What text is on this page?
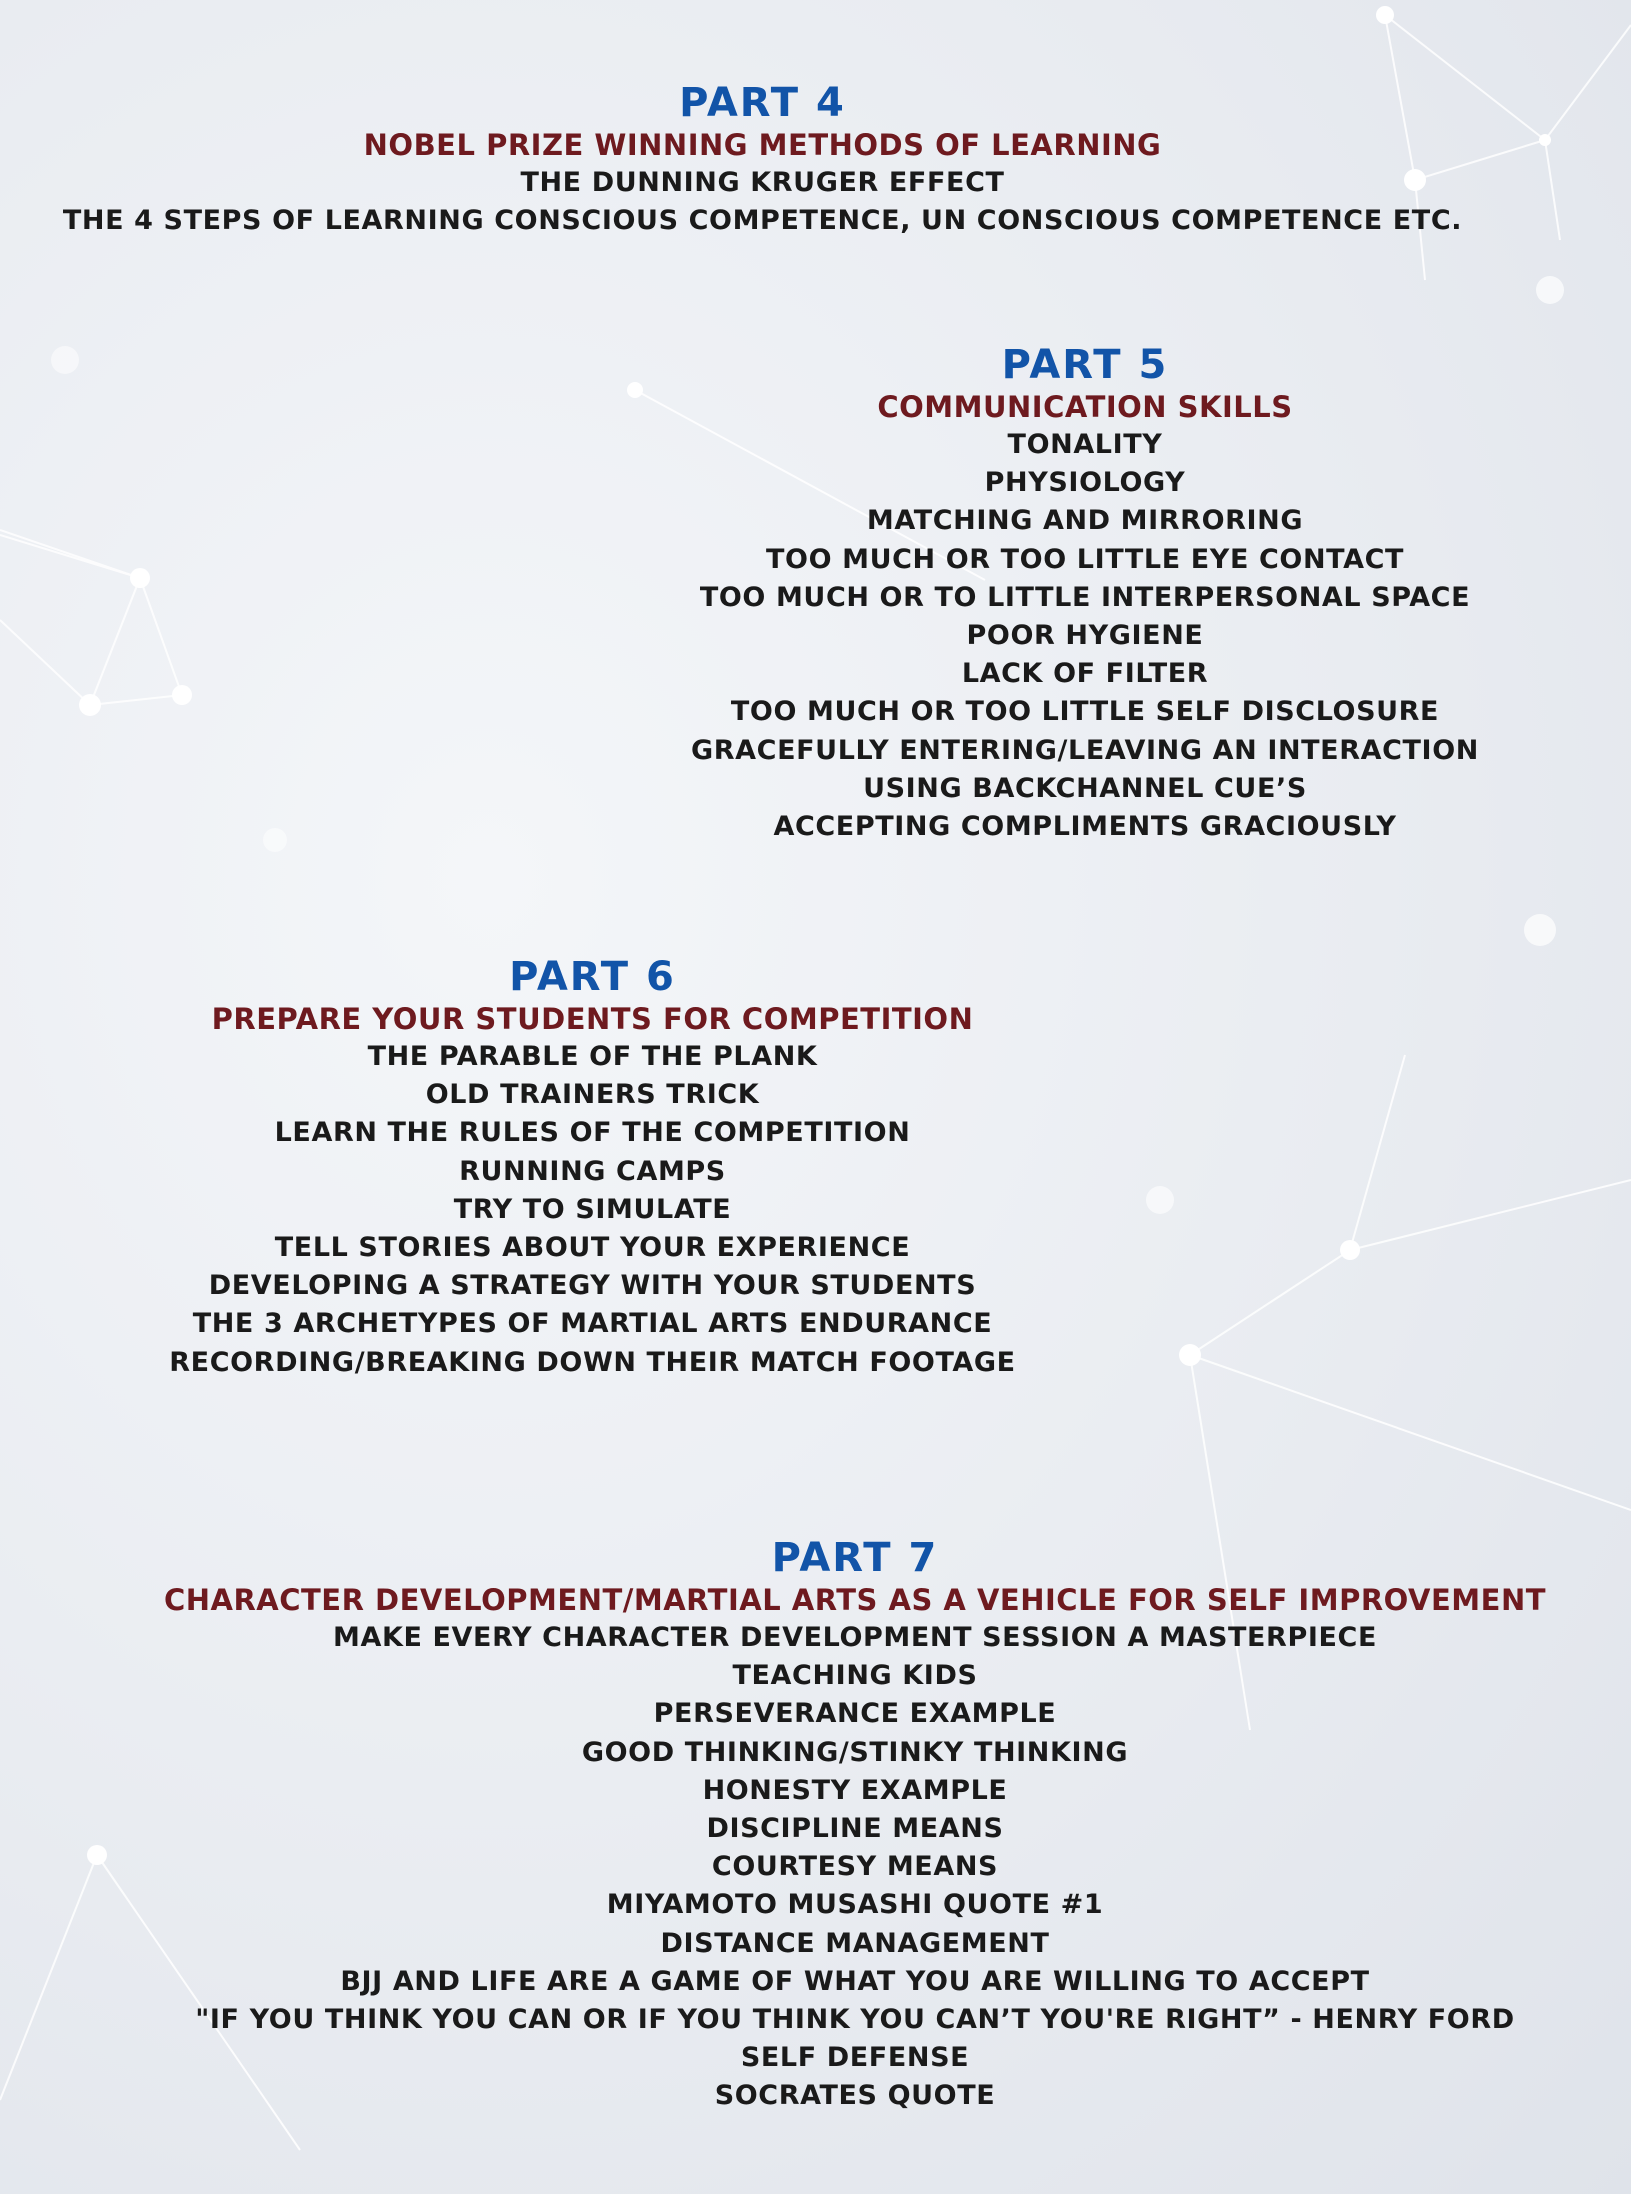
PART 4
NOBEL PRIZE WINNING METHODS OF LEARNING
THE DUNNING KRUGER EFFECT
THE 4 STEPS OF LEARNING CONSCIOUS COMPETENCE, UN CONSCIOUS COMPETENCE ETC.
PART 5
COMMUNICATION SKILLS
TONALITY
PHYSIOLOGY
MATCHING AND MIRRORING
TOO MUCH OR TOO LITTLE EYE CONTACT
TOO MUCH OR TO LITTLE INTERPERSONAL SPACE
POOR HYGIENE
LACK OF FILTER
TOO MUCH OR TOO LITTLE SELF DISCLOSURE
GRACEFULLY ENTERING/LEAVING AN INTERACTION
USING BACKCHANNEL CUE’S
ACCEPTING COMPLIMENTS GRACIOUSLY
PART 6
PREPARE YOUR STUDENTS FOR COMPETITION
THE PARABLE OF THE PLANK
OLD TRAINERS TRICK
LEARN THE RULES OF THE COMPETITION
RUNNING CAMPS
TRY TO SIMULATE
TELL STORIES ABOUT YOUR EXPERIENCE
DEVELOPING A STRATEGY WITH YOUR STUDENTS
THE 3 ARCHETYPES OF MARTIAL ARTS ENDURANCE
RECORDING/BREAKING DOWN THEIR MATCH FOOTAGE
PART 7
CHARACTER DEVELOPMENT/MARTIAL ARTS AS A VEHICLE FOR SELF IMPROVEMENT
MAKE EVERY CHARACTER DEVELOPMENT SESSION A MASTERPIECE
TEACHING KIDS
PERSEVERANCE EXAMPLE
GOOD THINKING/STINKY THINKING
HONESTY EXAMPLE
DISCIPLINE MEANS
COURTESY MEANS
MIYAMOTO MUSASHI QUOTE #1
DISTANCE MANAGEMENT
BJJ AND LIFE ARE A GAME OF WHAT YOU ARE WILLING TO ACCEPT
"IF YOU THINK YOU CAN OR IF YOU THINK YOU CAN’T YOU'RE RIGHT” - HENRY FORD
SELF DEFENSE
SOCRATES QUOTE
